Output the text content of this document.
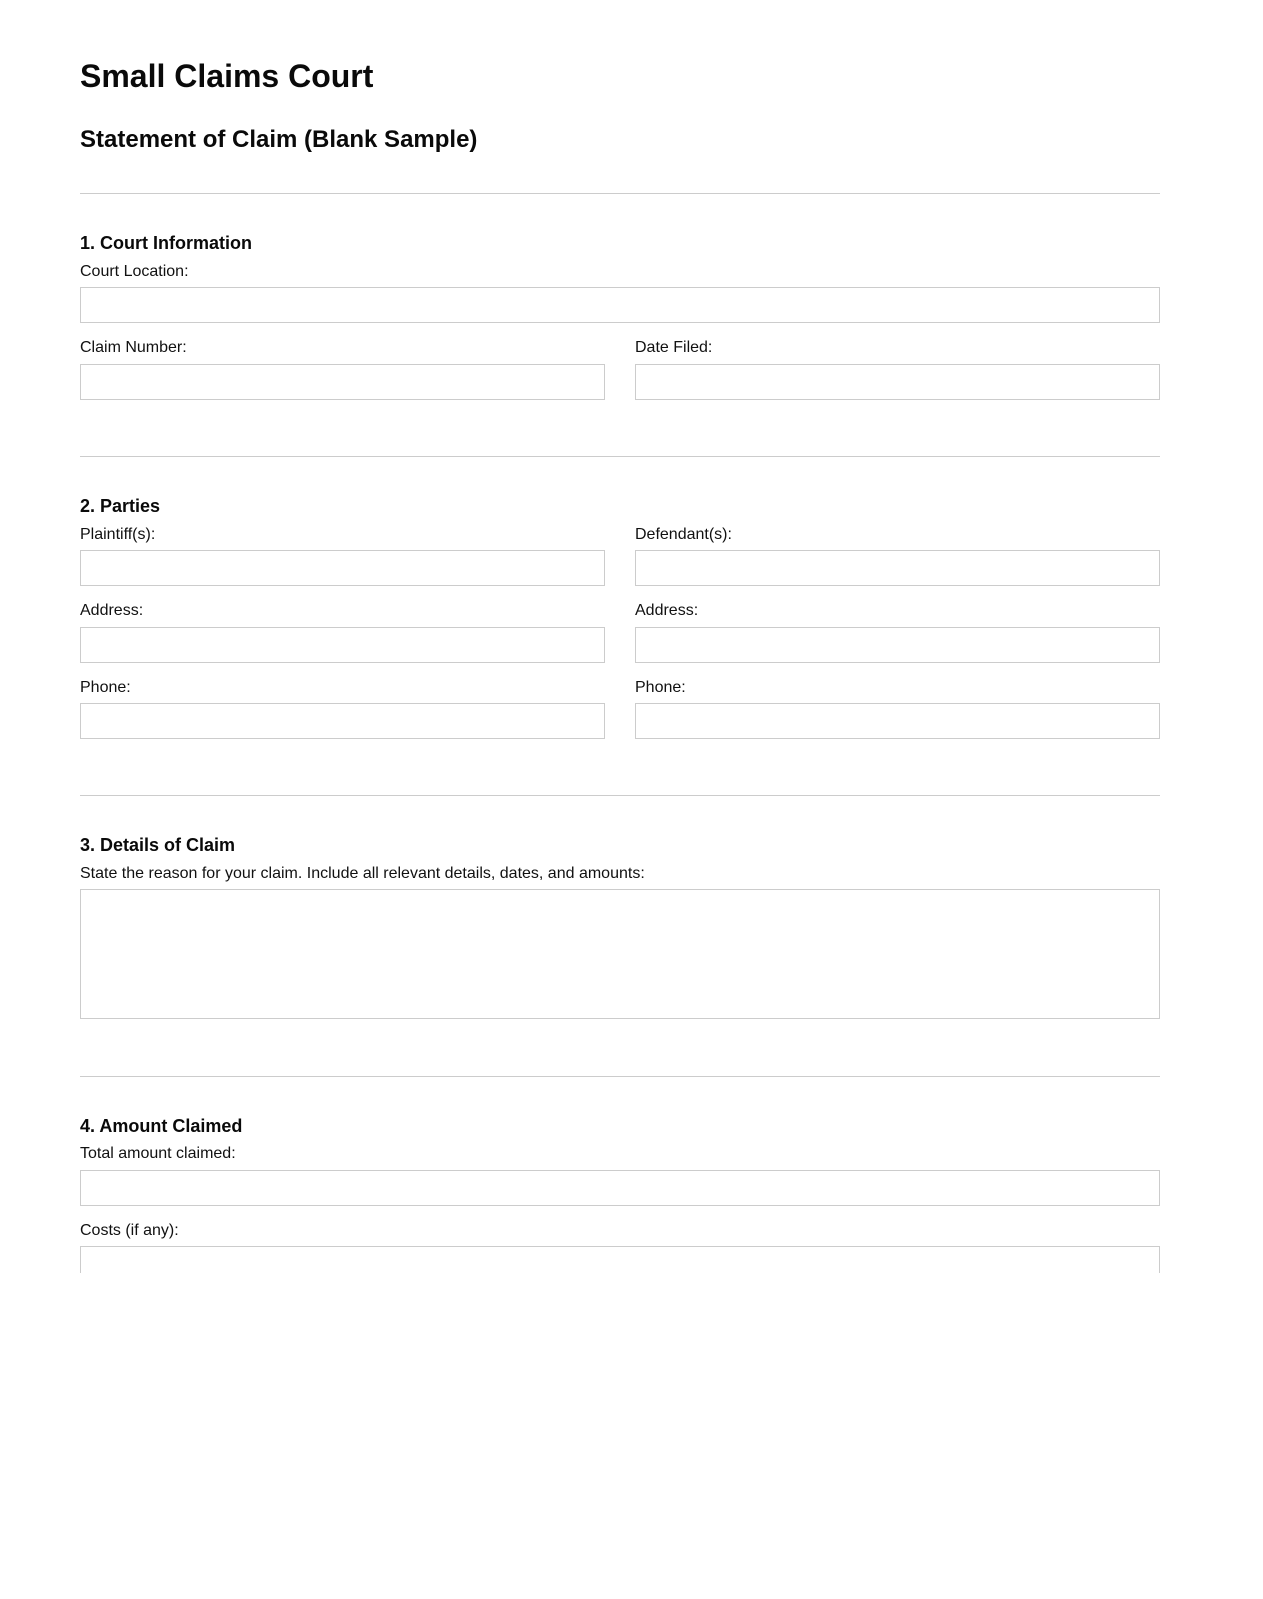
Small Claims Court
Statement of Claim (Blank Sample)
1. Court Information
Court Location:
Claim Number:	Date Filed:
2. Parties
Plaintiff(s):	Defendant(s):
Address:	Address:
Phone:	Phone:
3. Details of Claim
State the reason for your claim. Include all relevant details, dates, and amounts:
4. Amount Claimed
Total amount claimed:
Costs (if any):
